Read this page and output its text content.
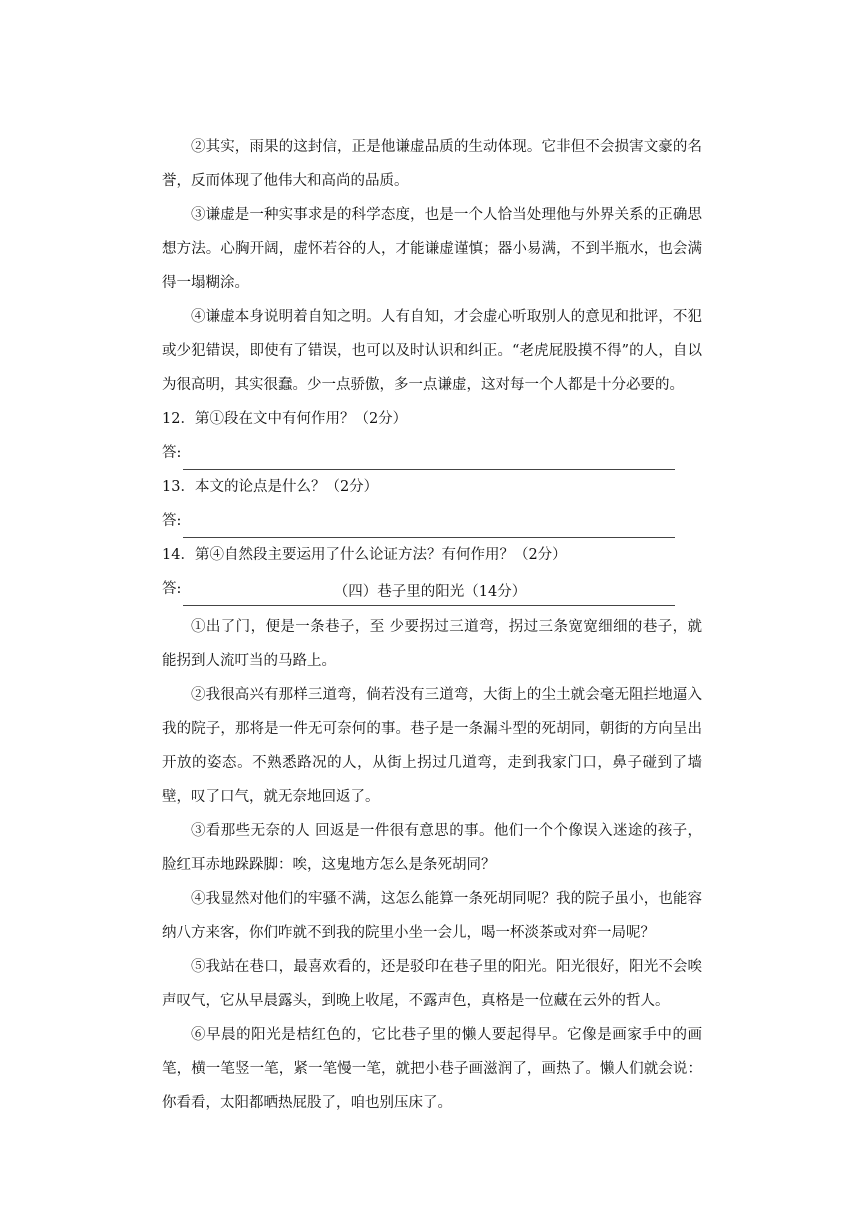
②其实，雨果的这封信，正是他谦虚品质的生动体现。它非但不会损害文豪的名誉，反而体现了他伟大和高尚的品质。

③谦虚是一种实事求是的科学态度，也是一个人恰当处理他与外界关系的正确思想方法。心胸开阔，虚怀若谷的人，才能谦虚谨慎；器小易满，不到半瓶水，也会满得一塌糊涂。

④谦虚本身说明着自知之明。人有自知，才会虚心听取别人的意见和批评，不犯或少犯错误，即使有了错误，也可以及时认识和纠正。“老虎屁股摸不得”的人，自以为很高明，其实很蠢。少一点骄傲，多一点谦虚，这对每一个人都是十分必要的。

12．第①段在文中有何作用？（2分）

答:

13．本文的论点是什么？（2分）

答:

14．第④自然段主要运用了什么论证方法？有何作用？（2分）

答:	（四）巷子里的阳光（14分）

①出了门，便是一条巷子，至 少要拐过三道弯，拐过三条宽宽细细的巷子，就能拐到人流叮当的马路上。

②我很高兴有那样三道弯，倘若没有三道弯，大街上的尘土就会毫无阻拦地逼入我的院子，那将是一件无可奈何的事。巷子是一条漏斗型的死胡同，朝街的方向呈出开放的姿态。不熟悉路况的人，从街上拐过几道弯，走到我家门口，鼻子碰到了墙壁，叹了口气，就无奈地回返了。

③看那些无奈的人 回返是一件很有意思的事。他们一个个像误入迷途的孩子，脸红耳赤地跺跺脚：唉，这鬼地方怎么是条死胡同？

④我显然对他们的牢骚不满，这怎么能算一条死胡同呢？我的院子虽小，也能容纳八方来客，你们咋就不到我的院里小坐一会儿，喝一杯淡茶或对弈一局呢？

⑤我站在巷口，最喜欢看的，还是驳印在巷子里的阳光。阳光很好，阳光不会唉声叹气，它从早晨露头，到晚上收尾，不露声色，真格是一位藏在云外的哲人。

⑥早晨的阳光是桔红色的，它比巷子里的懒人要起得早。它像是画家手中的画笔，横一笔竖一笔，紧一笔慢一笔，就把小巷子画滋润了，画热了。懒人们就会说：你看看，太阳都晒热屁股了，咱也别压床了。
